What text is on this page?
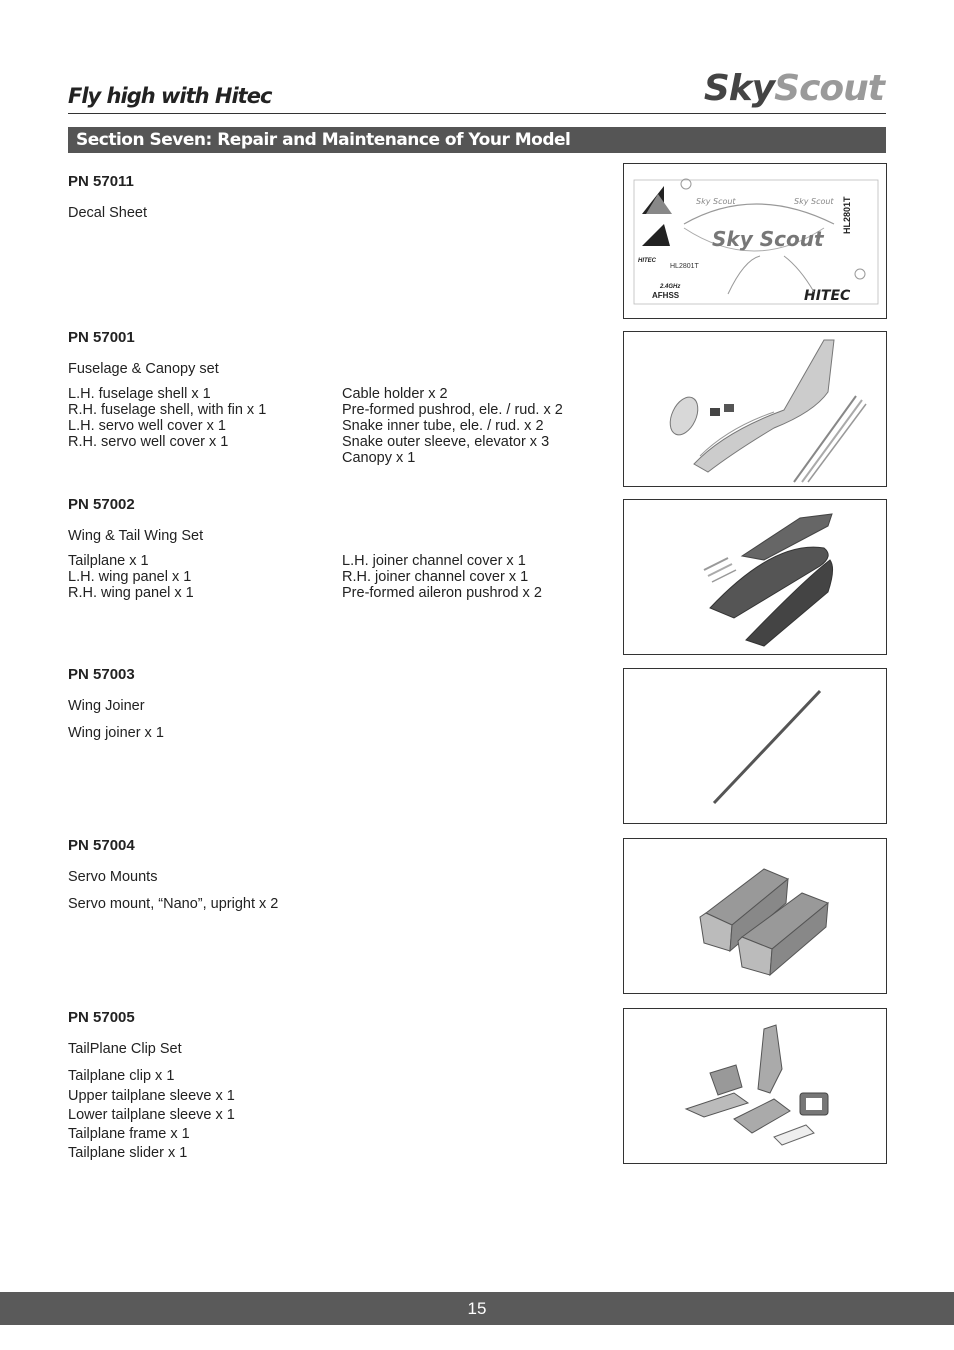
Fly high with Hitec	SkyScout
Section Seven: Repair and Maintenance of Your Model
PN 57011
Decal Sheet
Sky Scout
Sky Scout	Sky Scout
HL2801T
HITEC
HITEC
2.4GHz
AFHSS
HL2801T
PN 57001
Fuselage & Canopy set
L.H. fuselage shell x 1
R.H. fuselage shell, with fin x 1
L.H. servo well cover x 1
R.H. servo well cover x 1
Cable holder x 2
Pre-formed pushrod, ele. / rud. x 2
Snake inner tube, ele. / rud. x 2
Snake outer sleeve, elevator x 3
Canopy x 1
PN 57002
Wing & Tail Wing Set
Tailplane x 1
L.H. wing panel x 1
R.H. wing panel x 1
L.H. joiner channel cover x 1
R.H. joiner channel cover x 1
Pre-formed aileron pushrod x 2
PN 57003
Wing Joiner
Wing joiner x 1
PN 57004
Servo Mounts
Servo mount, “Nano”, upright x 2
PN 57005
TailPlane Clip Set
Tailplane clip x 1
Upper tailplane sleeve x 1
Lower tailplane sleeve x 1
Tailplane frame x 1
Tailplane slider x 1
15
